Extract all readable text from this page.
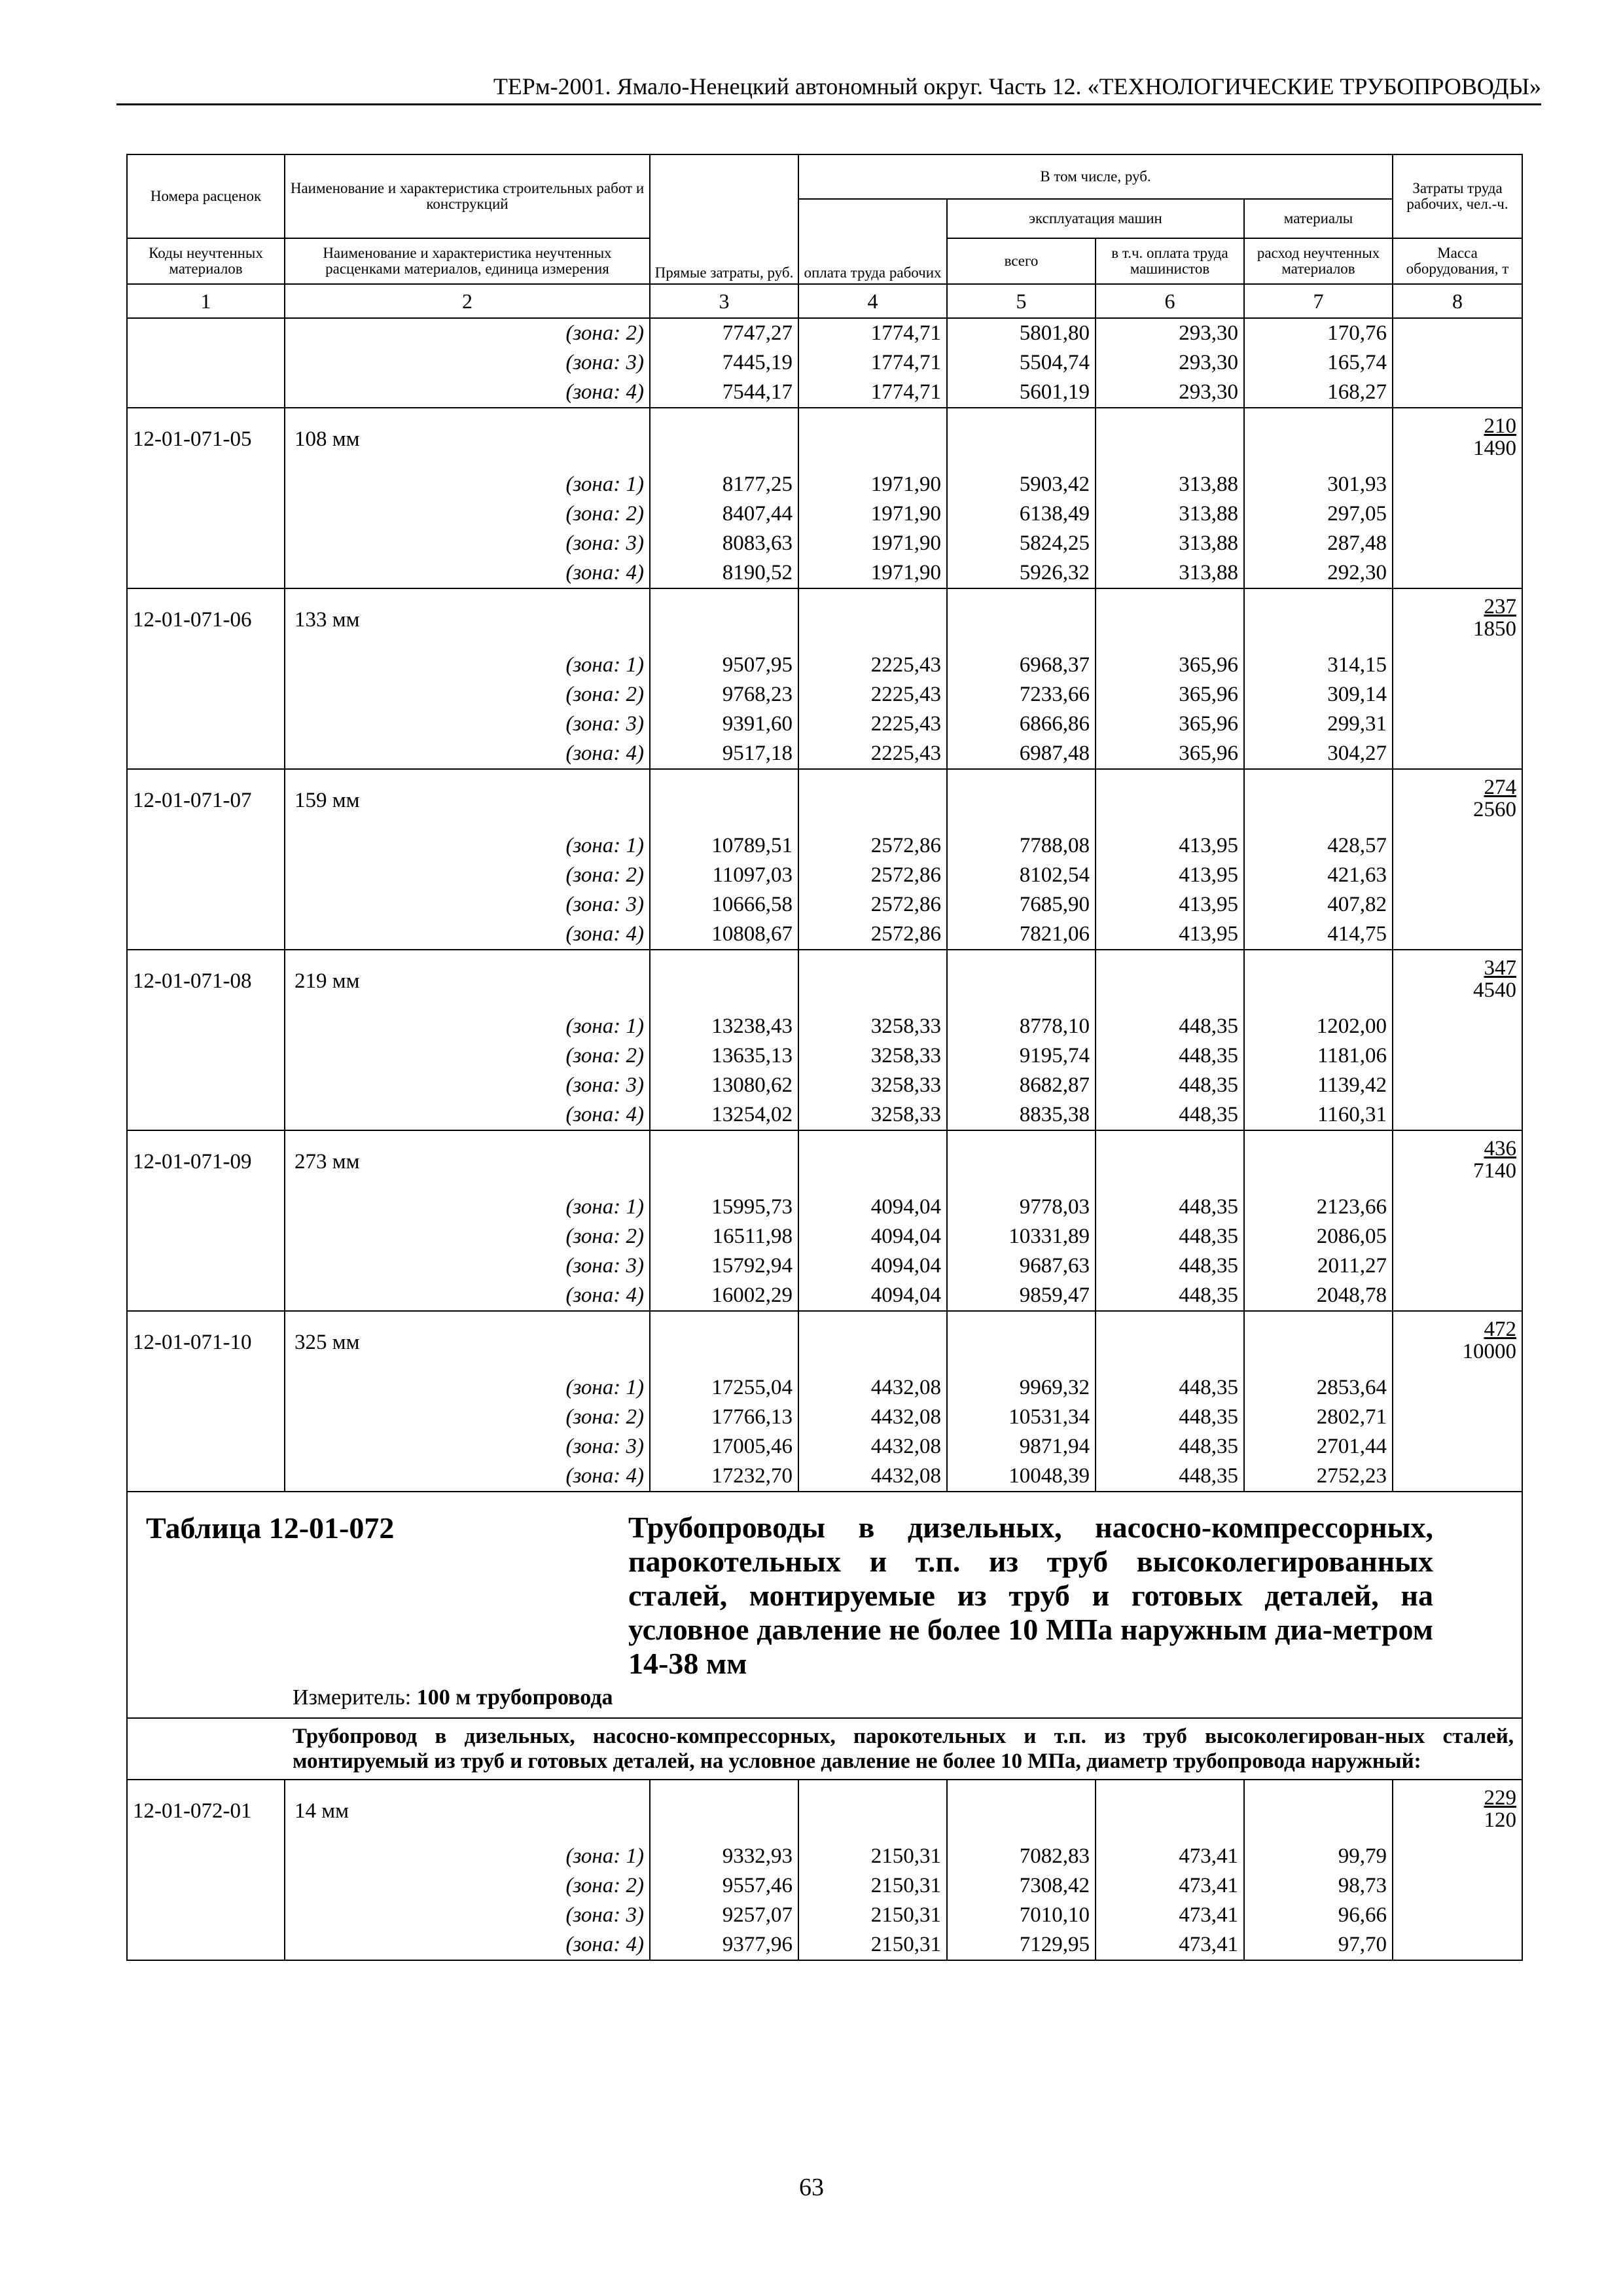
ТЕРм-2001. Ямало-Ненецкий автономный округ. Часть 12. «ТЕХНОЛОГИЧЕСКИЕ ТРУБОПРОВОДЫ»
Номера расценок	Наименование и характеристика строительных работ и конструкций	Прямые затраты, руб.	В том числе, руб.				Затраты труда рабочих, чел.-ч.
			оплата труда рабочих	эксплуатация машин		материалы	
Коды неучтенных материалов	Наименование и характеристика неучтенных расценками материалов, единица измерения			всего	в т.ч. оплата труда машинистов	расход неучтенных материалов	Масса оборудования, т
1	2	3	4	5	6	7	8
	(зона: 2)	7747,27	1774,71	5801,80	293,30	170,76	
	(зона: 3)	7445,19	1774,71	5504,74	293,30	165,74	
	(зона: 4)	7544,17	1774,71	5601,19	293,30	168,27	
12-01-071-05	108 мм						$\frac{210}{1490}$

	(зона: 1)	8177,25	1971,90	5903,42	313,88	301,93	
	(зона: 2)	8407,44	1971,90	6138,49	313,88	297,05	
	(зона: 3)	8083,63	1971,90	5824,25	313,88	287,48	
	(зона: 4)	8190,52	1971,90	5926,32	313,88	292,30	
12-01-071-06	133 мм						$\frac{237}{1850}$

	(зона: 1)	9507,95	2225,43	6968,37	365,96	314,15	
	(зона: 2)	9768,23	2225,43	7233,66	365,96	309,14	
	(зона: 3)	9391,60	2225,43	6866,86	365,96	299,31	
	(зона: 4)	9517,18	2225,43	6987,48	365,96	304,27	
12-01-071-07	159 мм						$\frac{274}{2560}$

	(зона: 1)	10789,51	2572,86	7788,08	413,95	428,57	
	(зона: 2)	11097,03	2572,86	8102,54	413,95	421,63	
	(зона: 3)	10666,58	2572,86	7685,90	413,95	407,82	
	(зона: 4)	10808,67	2572,86	7821,06	413,95	414,75	
12-01-071-08	219 мм						$\frac{347}{4540}$

	(зона: 1)	13238,43	3258,33	8778,10	448,35	1202,00	
	(зона: 2)	13635,13	3258,33	9195,74	448,35	1181,06	
	(зона: 3)	13080,62	3258,33	8682,87	448,35	1139,42	
	(зона: 4)	13254,02	3258,33	8835,38	448,35	1160,31	
12-01-071-09	273 мм						$\frac{436}{7140}$

	(зона: 1)	15995,73	4094,04	9778,03	448,35	2123,66	
	(зона: 2)	16511,98	4094,04	10331,89	448,35	2086,05	
	(зона: 3)	15792,94	4094,04	9687,63	448,35	2011,27	
	(зона: 4)	16002,29	4094,04	9859,47	448,35	2048,78	
12-01-071-10	325 мм						$\frac{472}{10000}$

	(зона: 1)	17255,04	4432,08	9969,32	448,35	2853,64	
	(зона: 2)	17766,13	4432,08	10531,34	448,35	2802,71	
	(зона: 3)	17005,46	4432,08	9871,94	448,35	2701,44	
	(зона: 4)	17232,70	4432,08	10048,39	448,35	2752,23	

Таблица 12-01-072 Трубопроводы в дизельных, насосно-компрессорных, парокотельных и т.п. из труб высоколегированных сталей, монтируемые из труб и готовых деталей, на условное давление не более 10 МПа наружным диа-метром 14-38 мм
Измеритель: 100 м трубопровода							

Трубопровод в дизельных, насосно-компрессорных, парокотельных и т.п. из труб высоколегирован-ных сталей, монтируемый из труб и готовых деталей, на условное давление не более 10 МПа, диаметр трубопровода наружный:							
12-01-072-01	14 мм						$\frac{229}{120}$

	(зона: 1)	9332,93	2150,31	7082,83	473,41	99,79	
	(зона: 2)	9557,46	2150,31	7308,42	473,41	98,73	
	(зона: 3)	9257,07	2150,31	7010,10	473,41	96,66	
	(зона: 4)	9377,96	2150,31	7129,95	473,41	97,70	
63
